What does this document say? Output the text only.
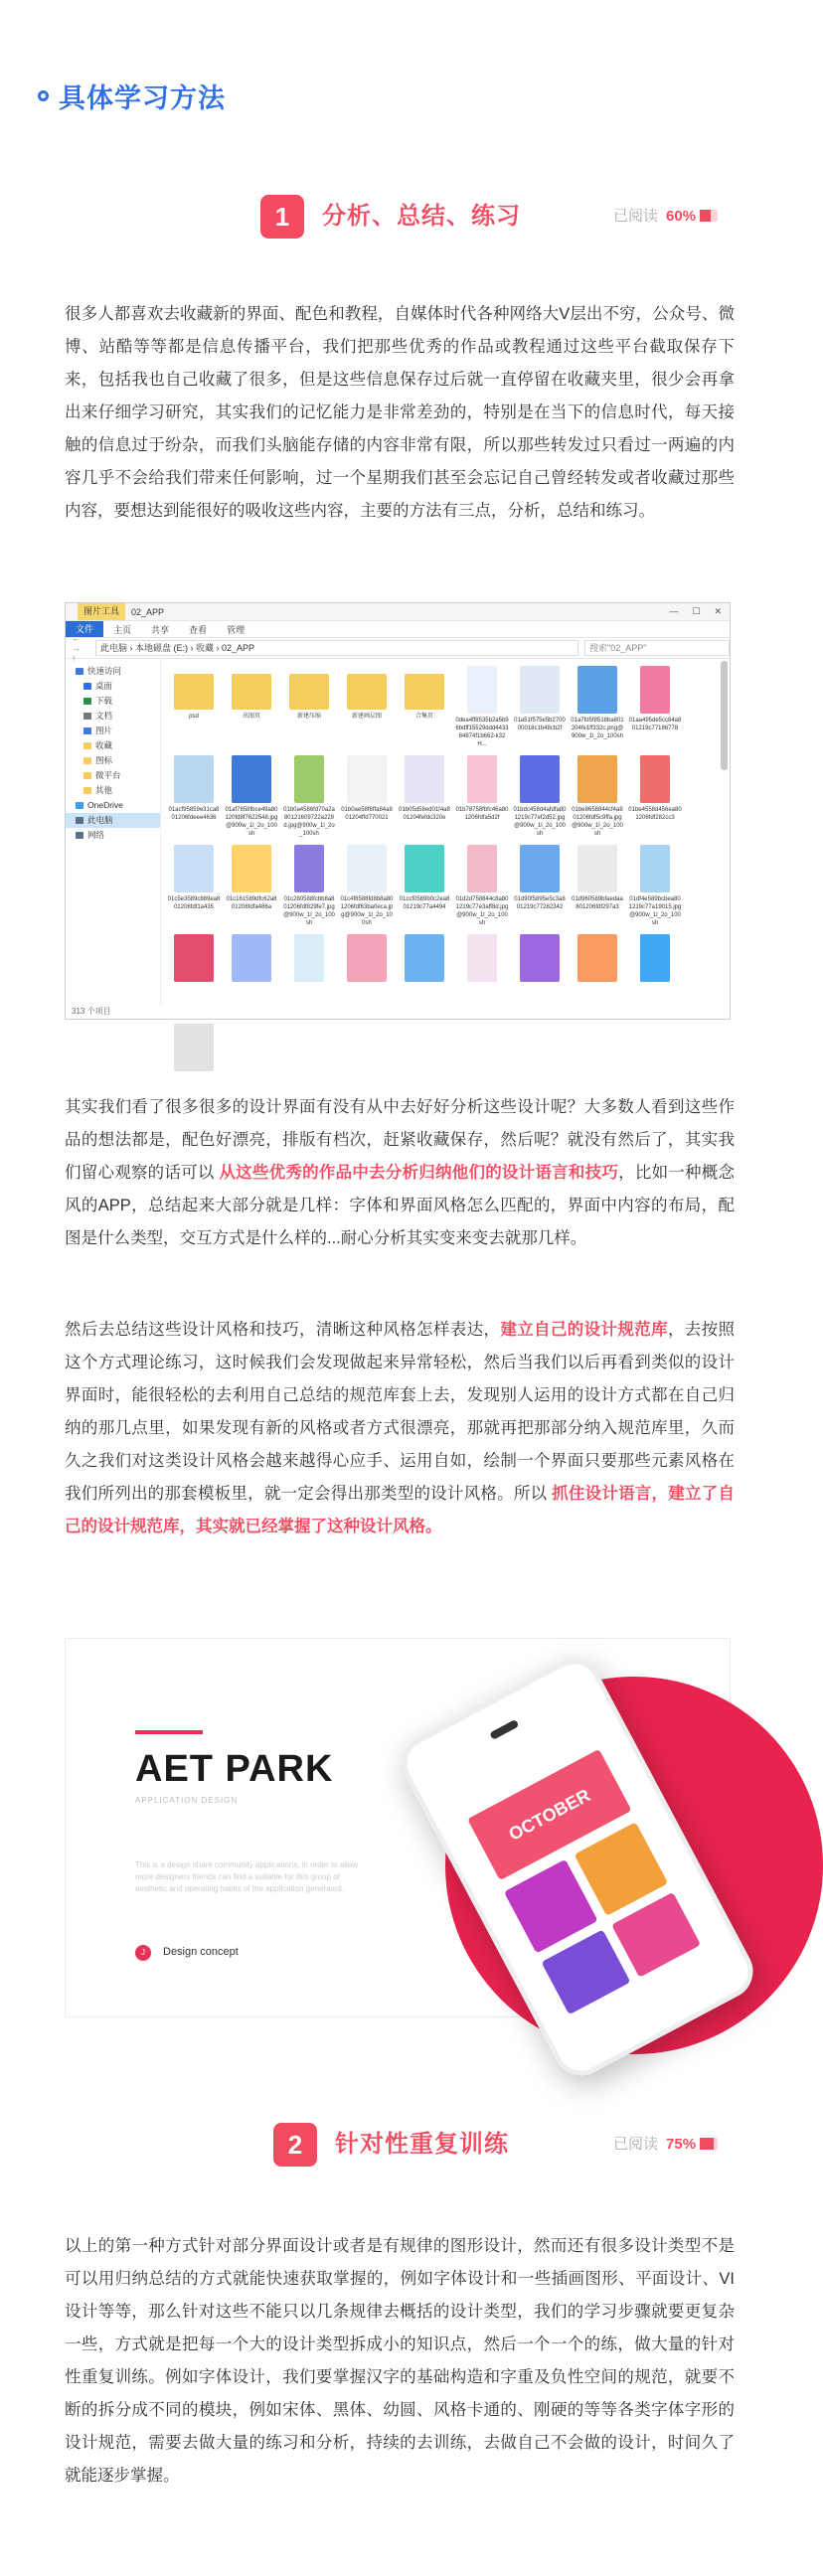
具体学习方法
1	分析、总结、练习	已阅读 60%
很多人都喜欢去收藏新的界面、配色和教程，自媒体时代各种网络大V层出不穷，公众号、微博、站酷等等都是信息传播平台，我们把那些优秀的作品或教程通过这些平台截取保存下来，包括我也自己收藏了很多，但是这些信息保存过后就一直停留在收藏夹里，很少会再拿出来仔细学习研究，其实我们的记忆能力是非常差劲的，特别是在当下的信息时代，每天接触的信息过于纷杂，而我们头脑能存储的内容非常有限，所以那些转发过只看过一两遍的内容几乎不会给我们带来任何影响，过一个星期我们甚至会忘记自己曾经转发或者收藏过那些内容，要想达到能很好的吸收这些内容，主要的方法有三点，分析，总结和练习。
图片工具	02_APP	— ☐ ✕
文件	主页	共享	查看	管理
← → ↑
此电脑 › 本地磁盘 (E:) › 收藏 › 02_APP	搜索"02_APP"
快速访问
桌面
下载
文档
图片
收藏
图标
微平台
其他
OneDrive
此电脑
网络
psd	出图页	新建压缩	新建画层图	合集页
0dea4ff8535b2a5b96bdff15529ddd443384874f1b662-k32H...
01a51f575e5b270000018c1b48cb2f
01a7fd5f8518ba801204fe1ff332c.png@900w_1l_2o_100sh
01aa495de5cc84a801219c77186778
01acf95859e31ca801206fdeee4636
01af7858fbce49a80120fd8f7622548.jpg@900w_1l_2o_100sh
01b0a4586fd70a2a80121609722a229d.jpg@900w_1l_2o_100sh
01b0ae58f6ffa84a801204ffd770021
01b05d58ed01f4a801204fefdc320e
01b78758fbfc46a801206fdfa5d2f
01bdc458d4afdfa801219c77ef2d52.jpg@900w_1l_2o_100sh
01be8658844cf4a801206fdf5c9ffa.jpg@900w_1l_2o_100sh
01be4558d456ea801206fdf282cc3
01c5e3589c889ea801206fdf1a435
01c161589dfc62a801206fdfa486a
01c280588fcbb8a801206fdf829fe7.jpg@900w_1l_2o_100sh
01c4f8588fd8b8a801206fdf63ba0eca.jpg@900w_1l_2o_100sh
01ccf0589b0c2ea801219c77a4494
01d2d758844c8a801219c77e3aff8d.jpg@900w_1l_2o_100sh
01d90f5895e5c3a801219c77282342
01d960589bfaedaa801206fdf297a3
01df4e589bcbea801219c77a19015.jpg@900w_1l_2o_100sh
313 个项目
其实我们看了很多很多的设计界面有没有从中去好好分析这些设计呢？大多数人看到这些作品的想法都是，配色好漂亮，排版有档次，赶紧收藏保存，然后呢？就没有然后了，其实我们留心观察的话可以 从这些优秀的作品中去分析归纳他们的设计语言和技巧，比如一种概念风的APP，总结起来大部分就是几样：字体和界面风格怎么匹配的，界面中内容的布局，配图是什么类型，交互方式是什么样的...耐心分析其实变来变去就那几样。
然后去总结这些设计风格和技巧，清晰这种风格怎样表达，建立自己的设计规范库，去按照这个方式理论练习，这时候我们会发现做起来异常轻松，然后当我们以后再看到类似的设计界面时，能很轻松的去利用自己总结的规范库套上去，发现别人运用的设计方式都在自己归纳的那几点里，如果发现有新的风格或者方式很漂亮，那就再把那部分纳入规范库里，久而久之我们对这类设计风格会越来越得心应手、运用自如，绘制一个界面只要那些元素风格在我们所列出的那套模板里，就一定会得出那类型的设计风格。所以 抓住设计语言，建立了自己的设计规范库，其实就已经掌握了这种设计风格。
OCTOBER
AET PARK
APPLICATION DESIGN
This is a design share community applications, in order to allow more designers friends can find a suitable for this group of aesthetic and operating habits of the application generated.
J	Design concept
2	针对性重复训练	已阅读 75%
以上的第一种方式针对部分界面设计或者是有规律的图形设计，然而还有很多设计类型不是可以用归纳总结的方式就能快速获取掌握的，例如字体设计和一些插画图形、平面设计、VI设计等等，那么针对这些不能只以几条规律去概括的设计类型，我们的学习步骤就要更复杂一些，方式就是把每一个大的设计类型拆成小的知识点，然后一个一个的练，做大量的针对性重复训练。例如字体设计，我们要掌握汉字的基础构造和字重及负性空间的规范，就要不断的拆分成不同的模块，例如宋体、黑体、幼圆、风格卡通的、刚硬的等等各类字体字形的设计规范，需要去做大量的练习和分析，持续的去训练，去做自己不会做的设计，时间久了就能逐步掌握。
